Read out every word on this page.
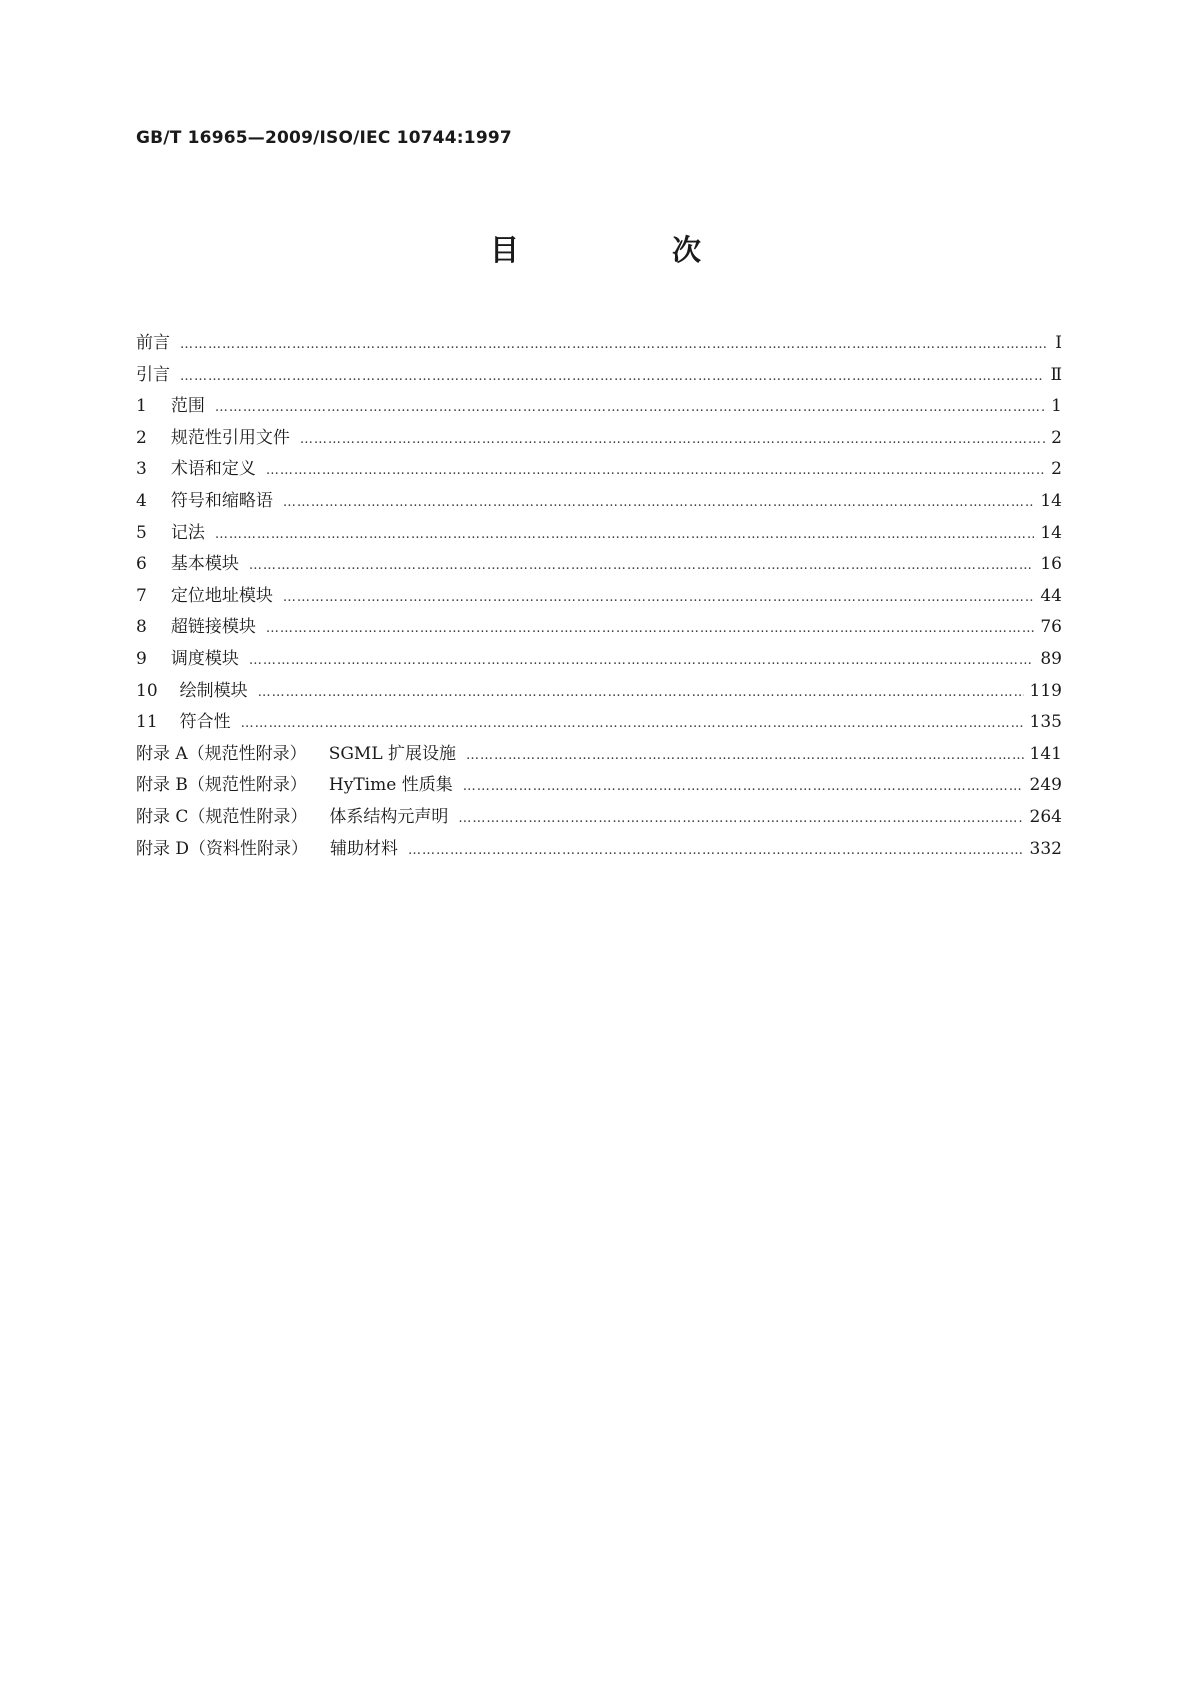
GB/T 16965—2009/ISO/IEC 10744:1997
目　次
前言 ……………………………………………………………………………………………………………………………………………………………………………………………………………	Ⅰ
引言 ……………………………………………………………………………………………………………………………………………………………………………………………………………	Ⅱ
1 范围 ……………………………………………………………………………………………………………………………………………………………………………………………………………	1
2 规范性引用文件 ……………………………………………………………………………………………………………………………………………………………………………………………………………	2
3 术语和定义 ……………………………………………………………………………………………………………………………………………………………………………………………………………	2
4 符号和缩略语 ……………………………………………………………………………………………………………………………………………………………………………………………………………	14
5 记法 ……………………………………………………………………………………………………………………………………………………………………………………………………………	14
6 基本模块 ……………………………………………………………………………………………………………………………………………………………………………………………………………	16
7 定位地址模块 ……………………………………………………………………………………………………………………………………………………………………………………………………………	44
8 超链接模块 ……………………………………………………………………………………………………………………………………………………………………………………………………………	76
9 调度模块 ……………………………………………………………………………………………………………………………………………………………………………………………………………	89
10 绘制模块 ……………………………………………………………………………………………………………………………………………………………………………………………………………	119
11 符合性 ……………………………………………………………………………………………………………………………………………………………………………………………………………	135
附录 A（规范性附录） SGML 扩展设施 ……………………………………………………………………………………………………………………………………………………………………………………………………………	141
附录 B（规范性附录） HyTime 性质集 ……………………………………………………………………………………………………………………………………………………………………………………………………………	249
附录 C（规范性附录） 体系结构元声明 ……………………………………………………………………………………………………………………………………………………………………………………………………………	264
附录 D（资料性附录） 辅助材料 ……………………………………………………………………………………………………………………………………………………………………………………………………………	332
